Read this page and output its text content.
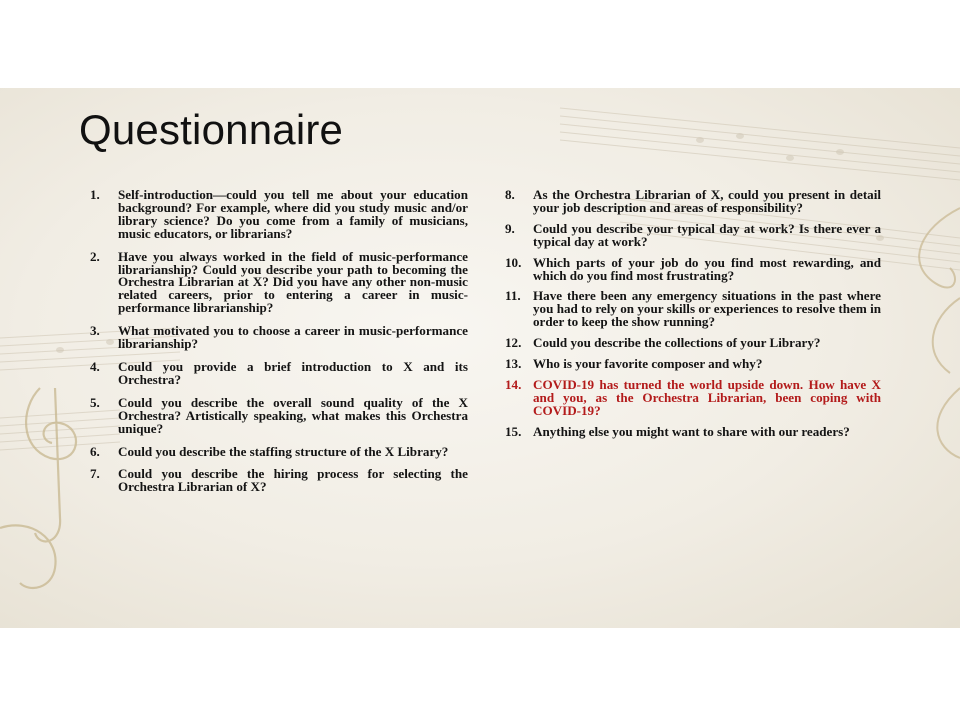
Questionnaire
1. Self-introduction—could you tell me about your education background? For example, where did you study music and/or library science? Do you come from a family of musicians, music educators, or librarians?
2. Have you always worked in the field of music-performance librarianship? Could you describe your path to becoming the Orchestra Librarian at X? Did you have any other non-music related careers, prior to entering a career in music-performance librarianship?
3. What motivated you to choose a career in music-performance librarianship?
4. Could you provide a brief introduction to X and its Orchestra?
5. Could you describe the overall sound quality of the X Orchestra? Artistically speaking, what makes this Orchestra unique?
6. Could you describe the staffing structure of the X Library?
7. Could you describe the hiring process for selecting the Orchestra Librarian of X?
8. As the Orchestra Librarian of X, could you present in detail your job description and areas of responsibility?
9. Could you describe your typical day at work? Is there ever a typical day at work?
10. Which parts of your job do you find most rewarding, and which do you find most frustrating?
11. Have there been any emergency situations in the past where you had to rely on your skills or experiences to resolve them in order to keep the show running?
12. Could you describe the collections of your Library?
13. Who is your favorite composer and why?
14. COVID-19 has turned the world upside down. How have X and you, as the Orchestra Librarian, been coping with COVID-19?
15. Anything else you might want to share with our readers?
